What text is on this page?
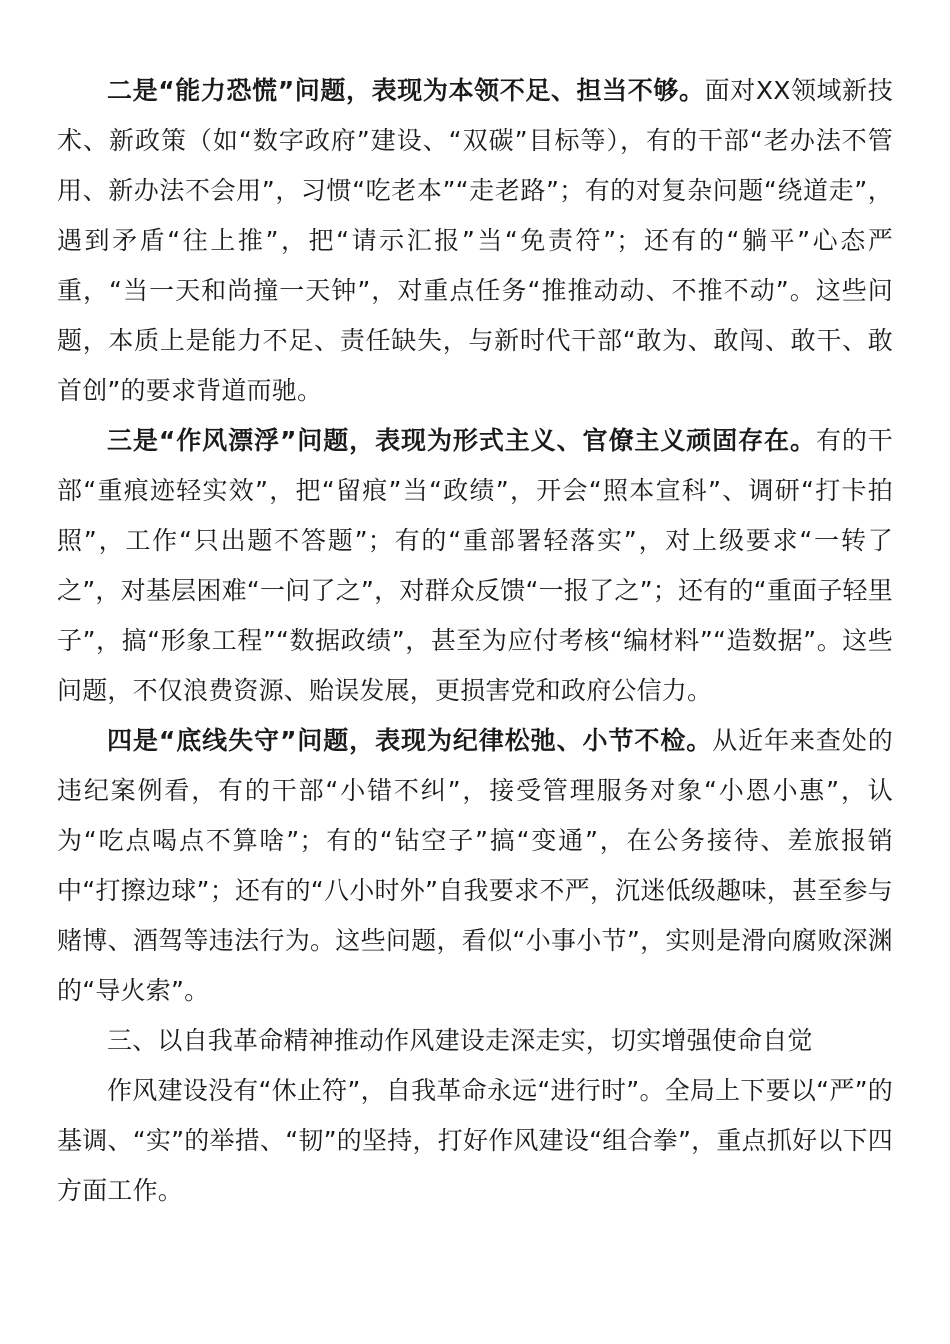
二是“能力恐慌”问题，表现为本领不足、担当不够。面对XX领域新技术、新政策（如“数字政府”建设、“双碳”目标等），有的干部“老办法不管用、新办法不会用”，习惯“吃老本”“走老路”；有的对复杂问题“绕道走”，遇到矛盾“往上推”，把“请示汇报”当“免责符”；还有的“躺平”心态严重，“当一天和尚撞一天钟”，对重点任务“推推动动、不推不动”。这些问题，本质上是能力不足、责任缺失，与新时代干部“敢为、敢闯、敢干、敢首创”的要求背道而驰。

三是“作风漂浮”问题，表现为形式主义、官僚主义顽固存在。有的干部“重痕迹轻实效”，把“留痕”当“政绩”，开会“照本宣科”、调研“打卡拍照”，工作“只出题不答题”；有的“重部署轻落实”，对上级要求“一转了之”，对基层困难“一问了之”，对群众反馈“一报了之”；还有的“重面子轻里子”，搞“形象工程”“数据政绩”，甚至为应付考核“编材料”“造数据”。这些问题，不仅浪费资源、贻误发展，更损害党和政府公信力。

四是“底线失守”问题，表现为纪律松弛、小节不检。从近年来查处的违纪案例看，有的干部“小错不纠”，接受管理服务对象“小恩小惠”，认为“吃点喝点不算啥”；有的“钻空子”搞“变通”，在公务接待、差旅报销中“打擦边球”；还有的“八小时外”自我要求不严，沉迷低级趣味，甚至参与赌博、酒驾等违法行为。这些问题，看似“小事小节”，实则是滑向腐败深渊的“导火索”。

三、以自我革命精神推动作风建设走深走实，切实增强使命自觉

作风建设没有“休止符”，自我革命永远“进行时”。全局上下要以“严”的基调、“实”的举措、“韧”的坚持，打好作风建设“组合拳”，重点抓好以下四方面工作。
